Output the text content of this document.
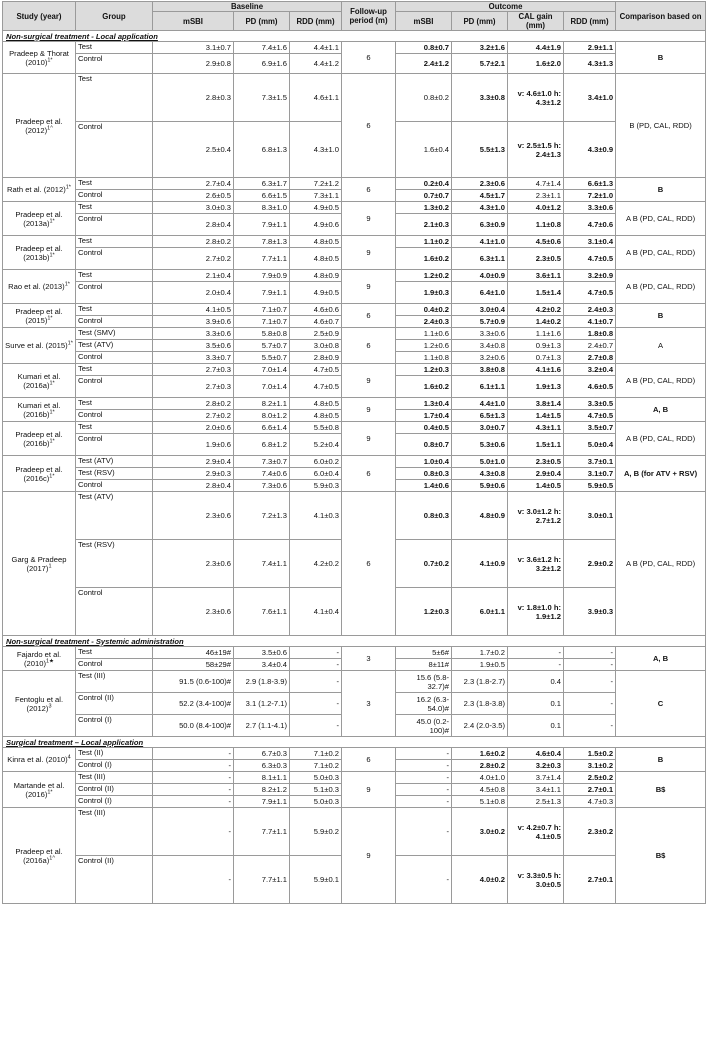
Study (year)	Group	Baseline			Follow-up period (m)	Outcome				Comparison based on
		mSBI	PD (mm)	RDD (mm)		mSBI	PD (mm)	CAL gain (mm)	RDD (mm)	
Non-surgical treatment - Local application										
Pradeep & Thorat $(2010)^{1*}$	Test	3.1±0.7	7.4±1.6	4.4±1.1	6	0.8±0.7	3.2±1.6	4.4±1.9	2.9±1.1	B
	Control	2.9±0.8	6.9±1.6	4.4±1.2		2.4±1.2	5.7±2.1	1.6±2.0	4.3±1.3	
Pradeep et al. $(2012)^{1\^{}}$	Test	2.8±0.3	7.3±1.5	4.6±1.1	6	0.8±0.2	3.3±0.8	v: 4.6±1.0 h: 4.3±1.2	3.4±1.0	B (PD, CAL, RDD)
	Control	2.5±0.4	6.8±1.3	4.3±1.0		1.6±0.4	5.5±1.3	v: 2.5±1.5 h: 2.4±1.3	4.3±0.9	
Rath et al. $(2012)^{1*}$	Test	2.7±0.4	6.3±1.7	7.2±1.2	6	0.2±0.4	2.3±0.6	4.7±1.4	6.6±1.3	B
	Control	2.6±0.5	6.6±1.5	7.3±1.1		0.7±0.7	4.5±1.7	2.3±1.1	7.2±1.0	
Pradeep et al. $(2013a)^{1*}$	Test	3.0±0.3	8.3±1.0	4.9±0.5	9	1.3±0.2	4.3±1.0	4.0±1.2	3.3±0.6	A B (PD, CAL, RDD)
	Control	2.8±0.4	7.9±1.1	4.9±0.6		2.1±0.3	6.3±0.9	1.1±0.8	4.7±0.6	
Pradeep et al. $(2013b)^{1*}$	Test	2.8±0.2	7.8±1.3	4.8±0.5	9	1.1±0.2	4.1±1.0	4.5±0.6	3.1±0.4	A B (PD, CAL, RDD)
	Control	2.7±0.2	7.7±1.1	4.8±0.5		1.6±0.2	6.3±1.1	2.3±0.5	4.7±0.5	
Rao et al. $(2013)^{1*}$	Test	2.1±0.4	7.9±0.9	4.8±0.9	9	1.2±0.2	4.0±0.9	3.6±1.1	3.2±0.9	A B (PD, CAL, RDD)
	Control	2.0±0.4	7.9±1.1	4.9±0.5		1.9±0.3	6.4±1.0	1.5±1.4	4.7±0.5	
Pradeep et al. $(2015)^{1*}$	Test	4.1±0.5	7.1±0.7	4.6±0.6	6	0.4±0.2	3.0±0.4	4.2±0.2	2.4±0.3	B
	Control	3.9±0.6	7.1±0.7	4.6±0.7		2.4±0.3	5.7±0.9	1.4±0.2	4.1±0.7	
Surve et al. $(2015)^{1*}$	Test (SMV)	3.3±0.6	5.8±0.8	2.5±0.9	6	1.1±0.6	3.3±0.6	1.1±1.6	1.8±0.8	A
	Test (ATV)	3.5±0.6	5.7±0.7	3.0±0.8		1.2±0.6	3.4±0.8	0.9±1.3	2.4±0.7	
	Control	3.3±0.7	5.5±0.7	2.8±0.9		1.1±0.8	3.2±0.6	0.7±1.3	2.7±0.8	
Kumari et al. $(2016a)^{1*}$	Test	2.7±0.3	7.0±1.4	4.7±0.5	9	1.2±0.3	3.8±0.8	4.1±1.6	3.2±0.4	A B (PD, CAL, RDD)
	Control	2.7±0.3	7.0±1.4	4.7±0.5		1.6±0.2	6.1±1.1	1.9±1.3	4.6±0.5	
Kumari et al. $(2016b)^{1*}$	Test	2.8±0.2	8.2±1.1	4.8±0.5	9	1.3±0.4	4.4±1.0	3.8±1.4	3.3±0.5	A, B
	Control	2.7±0.2	8.0±1.2	4.8±0.5		1.7±0.4	6.5±1.3	1.4±1.5	4.7±0.5	
Pradeep et al. $(2016b)^{1*}$	Test	2.0±0.6	6.6±1.4	5.5±0.8	9	0.4±0.5	3.0±0.7	4.3±1.1	3.5±0.7	A B (PD, CAL, RDD)
	Control	1.9±0.6	6.8±1.2	5.2±0.4		0.8±0.7	5.3±0.6	1.5±1.1	5.0±0.4	
Pradeep et al. $(2016c)^{1*}$	Test (ATV)	2.9±0.4	7.3±0.7	6.0±0.2	6	1.0±0.4	5.0±1.0	2.3±0.5	3.7±0.1	A, B (for ATV + RSV)
	Test (RSV)	2.9±0.3	7.4±0.6	6.0±0.4		0.8±0.3	4.3±0.8	2.9±0.4	3.1±0.7	
	Control	2.8±0.4	7.3±0.6	5.9±0.3		1.4±0.6	5.9±0.6	1.4±0.5	5.9±0.5	
Garg & Pradeep $(2017)^1$	Test (ATV)	2.3±0.6	7.2±1.3	4.1±0.3	6	0.8±0.3	4.8±0.9	v: 3.0±1.2 h: 2.7±1.2	3.0±0.1	A B (PD, CAL, RDD)
	Test (RSV)	2.3±0.6	7.4±1.1	4.2±0.2		0.7±0.2	4.1±0.9	v: 3.6±1.2 h: 3.2±1.2	2.9±0.2	
	Control	2.3±0.6	7.6±1.1	4.1±0.4		1.2±0.3	6.0±1.1	v: 1.8±1.0 h: 1.9±1.2	3.9±0.3	
Non-surgical treatment - Systemic administration										
Fajardo et al. $(2010)^{1★}$	Test	46±19#	3.5±0.6	-	3	5±6#	1.7±0.2	-	-	A, B
	Control	58±29#	3.4±0.4	-		8±11#	1.9±0.5	-	-	
Fentoglu et al. $(2012)^3$	Test (III)	91.5 (0.6-100)#	2.9 (1.8-3.9)	-	3	15.6 (5.8-32.7)#	2.3 (1.8-2.7)	0.4	-	C
	Control (II)	52.2 (3.4-100)#	3.1 (1.2-7.1)	-		16.2 (6.3-54.0)#	2.3 (1.8-3.8)	0.1	-	
	Control (I)	50.0 (8.4-100)#	2.7 (1.1-4.1)	-		45.0 (0.2-100)#	2.4 (2.0-3.5)	0.1	-	
Surgical treatment – Local application										
Kinra et al. $(2010)^4$	Test (II)	-	6.7±0.3	7.1±0.2	6	-	1.6±0.2	4.6±0.4	1.5±0.2	B
	Control (I)	-	6.3±0.3	7.1±0.2		-	2.8±0.2	3.2±0.3	3.1±0.2	
Martande et al. $(2016)^{1*}$	Test (III)	-	8.1±1.1	5.0±0.3	9	-	4.0±1.0	3.7±1.4	2.5±0.2	B$
	Control (II)	-	8.2±1.2	5.1±0.3		-	4.5±0.8	3.4±1.1	2.7±0.1	
	Control (I)	-	7.9±1.1	5.0±0.3		-	5.1±0.8	2.5±1.3	4.7±0.3	
Pradeep et al. $(2016a)^{1\^{}}$	Test (III)	-	7.7±1.1	5.9±0.2	9	-	3.0±0.2	v: 4.2±0.7 h: 4.1±0.5	2.3±0.2	B$
	Control (II)	-	7.7±1.1	5.9±0.1		-	4.0±0.2	v: 3.3±0.5 h: 3.0±0.5	2.7±0.1	
